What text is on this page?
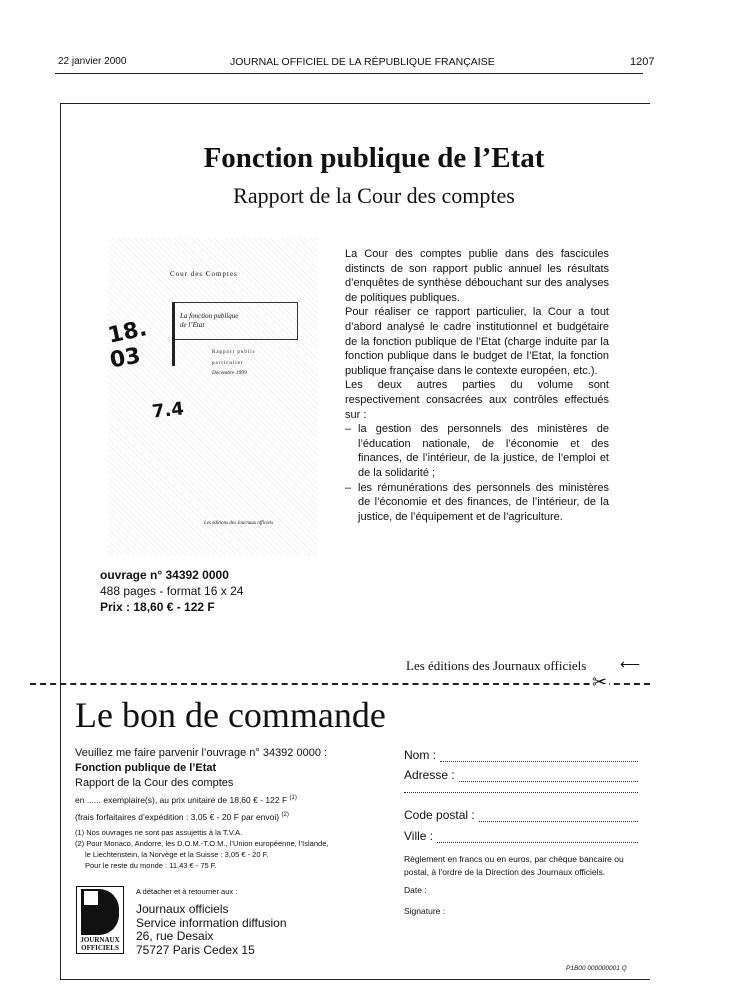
22 janvier 2000	JOURNAL OFFICIEL DE LA RÉPUBLIQUE FRANÇAISE	1207
Fonction publique de l’Etat
Rapport de la Cour des comptes
Cour des Comptes
La fonction publique
de l’Etat
Rapport public
particulier
Décembre 1999
Les éditions des Journaux officiels
18.
03
7.4

La Cour des comptes publie dans des fascicules distincts de son rapport public annuel les résultats d’enquêtes de synthèse débouchant sur des analyses de politiques publiques.

Pour réaliser ce rapport particulier, la Cour a tout d’abord analysé le cadre institutionnel et budgétaire de la fonction publique de l’Etat (charge induite par la fonction publique dans le budget de l’Etat, la fonction publique française dans le contexte européen, etc.).

Les deux autres parties du volume sont respectivement consacrées aux contrôles effectués sur :

– la gestion des personnels des ministères de l’éducation nationale, de l’économie et des finances, de l’intérieur, de la justice, de l’emploi et de la solidarité ;
– les rémunérations des personnels des ministères de l’économie et des finances, de l’intérieur, de la justice, de l’équipement et de l’agriculture.
ouvrage n° 34392 0000
488 pages - format 16 x 24
Prix : 18,60 € - 122 F
Les éditions des Journaux officiels ⟵
✂
Le bon de commande
Veuillez me faire parvenir l’ouvrage n° 34392 0000 :
Fonction publique de l’Etat
Rapport de la Cour des comptes
en ...... exemplaire(s), au prix unitaire de 18,60 € - 122 F $^{(1)}$
(frais forfaitaires d’expédition : 3,05 € - 20 F par envoi) $^{(2)}$
(1) Nos ouvrages ne sont pas assujettis à la T.V.A.
(2) Pour Monaco, Andorre, les D.O.M.-T.O.M., l’Union européenne, l’Islande,
le Liechtenstein, la Norvège et la Suisse : 3,05 € - 20 F.
Pour le reste du monde : 11,43 € - 75 F.
JOURNAUX
OFFICIELS
A détacher et à retourner aux :
Journaux officiels
Service information diffusion
26, rue Desaix
75727 Paris Cedex 15
Nom :
Adresse :
Code postal :
Ville :
Règlement en francs ou en euros, par chèque bancaire ou postal, à l’ordre de la Direction des Journaux officiels.
Date :
Signature :
P1B00 000000001 Q
